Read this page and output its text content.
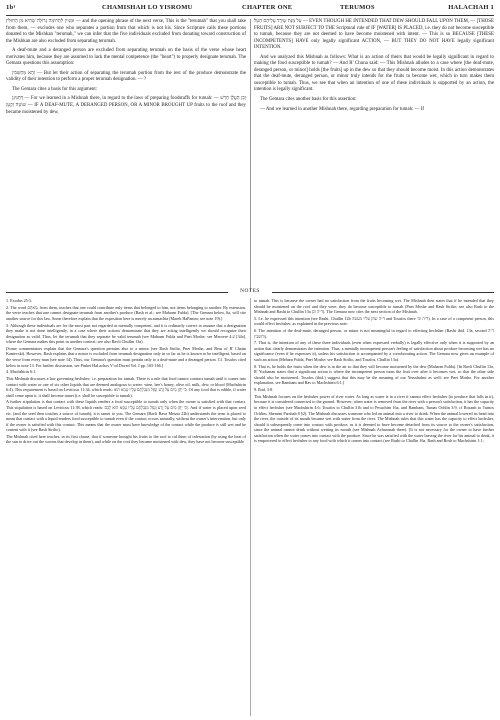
1b¹	CHAMISHAH LO YISROMU	CHAPTER ONE	TERUMOS	HALACHAH 1

וּמְנַיִין לִתְרוּמָה גְדוֹלָה שֶׁהִיא מִן הַחוּלִּין — and the opening phrase of the next verse, This is the "terumah" that you shall take from them, — excludes one who separates a portion from that which is not his. Since Scripture calls these portions donated to the Mishkan "terumah," we can infer that the five individuals excluded from donating toward construction of the Mishkan are also excluded from separating terumah.

A deaf-mute and a deranged person are excluded from separating terumah on the basis of the verse whose heart motivates him, because they are assumed to lack the mental competence (the "heart") to properly designate terumah. The Gemara questions this assumption:

וְהָא מְחַשְּׁבִין — But let their action of separating the terumah portion from the rest of the produce demonstrate the validity of their intention to perform a proper terumah designation. — ?

The Gemara cites a basis for this argument:

דְּתַנִּינָן — For we learned in a Mishnah there, in regard to the laws of preparing foodstuffs for tumah: — וְכֵן הֶעֱלָן חֵרֵשׁ שׁוֹטֶה וְקָטָן — IF A DEAF-MUTE, A DERANGED PERSON, OR A MINOR BROUGHT UP fruits to the roof and they became moistened by dew,

עַל מְנָת שֶׁיֵרֵד עֲלֵיהֶם הַטַּל — EVEN THOUGH HE INTENDED THAT DEW SHOULD FALL UPON THEM, — [THOSE FRUITS] ARE NOT SUBJECT TO THE Scriptural rule of IF [WATER] IS PLACED, i.e. they do not become susceptible to tumah, because they are not deemed to have become moistened with intent. — This is so BECAUSE [THESE INCOMPETENTS] HAVE only legally significant ACTION, — BUT THEY DO NOT HAVE legally significant INTENTION.

And we analyzed this Mishnah as follows: What is an action of theirs that would be legally significant in regard to making the food susceptible to tumah? — And R' Chuna said: — This Mishnah alludes to a case where [the deaf-mute, deranged person, or minor] holds [the fruits] up in the dew so that they should become moist. In this action demonstrates that the deaf-mute, deranged person, or minor truly intends for the fruits to become wet, which in turn makes them susceptible to tumah. Thus, we see that when an intention of one of these individuals is supported by an action, the intention is legally significant.

The Gemara cites another basis for this assertion:

— And we learned in another Mishnah there, regarding preparation for tumah: — If

NOTES

1. Exodus 25:3.

2. The word מֵאִתָּם, from them, teaches that one could contribute only items that belonged to him, not items belonging to another. By extension, the verse teaches that one cannot designate terumah from another's produce (Rash et al.; see Maharm Fulda). [The Gemara below, 6a, will cite another source for this law. Some therefore explain that the exposition here is merely an asmachta (Mareh HaPanim; see note 19).]

3. Although these individuals are for the most part not regarded as mentally competent, and it is ordinarily correct to assume that a designation they make is not done intelligently, in a case where their actions demonstrate that they are acting intelligently we should recognize their designation as valid. Thus, let the terumah that they separate be valid terumah (see Maharm Fulda and Pnei Moshe; see Meorere 4:2 [34a], where the Gemara makes this point in another context; see also Bavli Chullin 13a).

[Some commentators explain that the Gemara's question pertains also to a minor (see Rash Sirilio, Pnei Moshe, and Beur of R' Chaim Kanievski). However, Rash explains that a minor is excluded from terumah designation only in so far as he is known to be intelligent, based on the verse from every man (see note 14). Thus, our Gemara's question must pertain only to a deaf-mute and a deranged person. Cf. Tosafos cited below in note 13. For further discussion, see Pinkei HaLachos V'od Daved Vol. I pp. 165-166.]

4. Machshirin 6:1.

This Mishnah discusses a law governing hechsher; i.e. preparation for tumah. There is a rule that food cannot contract tumah until it comes into contact with water or one of six other liquids that are deemed analogous to water: wine, bee's honey, olive oil, milk, dew, or blood (Machshirin 6:4). This requirement is based on Leviticus 11:34, which reads: כִּי יֻתַּן מַיִם עַל זֶרַע וְנָפַל מִנִּבְלָתָם עָלָיו טָמֵא הוּא. Of any food that is edible, if water shall come upon it, it shall become tamei (i.e. shall be susceptible to tumah).

A further stipulation is that contact with these liquids renders a food susceptible to tumah only when the owner is satisfied with that contact. This stipulation is based on Leviticus 11:38, which reads: וְכִי יֻתַּן מַיִם עַל זֶרַע וְנָפַל מִנִּבְלָתָם עָלָיו טָמֵא הוּא לָכֶם. And if water is placed upon seed etc. (and the seed then touches a source of tumah), it is tamei to you. The Gemara (Bavli Bava Metzia 22b) understands the term is placed to mean that contact with a liquid renders food susceptible to tumah even if the contact occurs naturally, without the owner's intervention, but only if the owner is satisfied with this contact. This means that the owner must have knowledge of the contact while the produce is still wet and be content with it (see Rash Sirilio).

The Mishnah cited here teaches, in its first clause, that if someone brought his fruits to the roof to rid them of infestation (by using the heat of the sun to drive out the worms that develop in them), and while on the roof they became moistened with dew, they have not become susceptible

to tumah. This is because the owner had no satisfaction from the fruits becoming wet. The Mishnah then states that if he intended that they should be moistened on the roof and they were, they do become susceptible to tumah (Pnei Moshe and Rash Sirilio; see also Rash to the Mishnah and Rashi to Chullin 13a ד״ה וכן). The Gemara now cites the next section of the Mishnah.

5. I.e. he expressed this intention (see Rashi, Chullin 12b ד״ה שהן עליו מעשה and Tosafos there ד״ה וכי). In a case of a competent person, this would effect hechsher, as explained in the previous note.

6. The intention of the deaf-mute, deranged person, or minor is not meaningful in regard to effecting hechsher (Rashi ibid. 13a, second ד״ה וחשבין).

7. That is, the intention of any of these three individuals (even when expressed verbally) is legally effective only when it is supported by an action that clearly demonstrates the intention. Thus, a mentally incompetent person's feeling of satisfaction about produce becoming wet has no significance (even if he expresses it), unless his satisfaction is accompanied by a corroborating action. The Gemara now gives an example of such an action (Meharu Fulda, Pnei Moshe; see Rash Sirilio, and Tosafos, Chullin 13a).

8. That is, he holds the fruits when the dew is in the air so that they will become moistened by the dew (Maharm Fulda). [In Bavli Chullin 13a, R' Yochanan states that a significant action is where the incompetent person turns the fruit over after it becomes wet, so that the other side should also be moistened. Tosafos (ibid.) suggest that this may be the meaning of our Yerushalmi as well; see Pnei Moshe. For another explanation, see Rambam and Rav to Machshirin 6:1.]

9. Ibid. 3:8.

This Mishnah focuses on the hechsher power of river water. As long as water is in a river it cannot effect hechsher (to produce that falls in it), because it is considered connected to the ground. However, when water is removed from the river with a person's satisfaction, it has the capacity to effect hechsher (see Machshirin 4:6; Tosafos to Chullin 31b and to Pesachim 16a, and Rambam, Tumas Ochlin 3:9, cf Rosanit to Tumos Ochlim, Shemini Parshah 8 §2). The Mishnah discusses someone who led an animal into a river to drink. When the animal lowered its head into the river, the outside of its mouth became wet with water from the river. The Mishnah rules that this water has the capacity to effect hechsher, should it subsequently come into contact with produce, as it is deemed to have become detached from its source to the owner's satisfaction, since the animal cannot drink without wetting its mouth (see Mishnah Acharonah there). [It is not necessary for the owner to have further satisfaction when the water comes into contact with the produce. Since he was satisfied with the water leaving the river for his animal to drink, it is empowered to effect hechsher to any food with which it comes into contact (see Rashi to Chullin 16a, Rash and Rosh to Machshirin 1:1;
